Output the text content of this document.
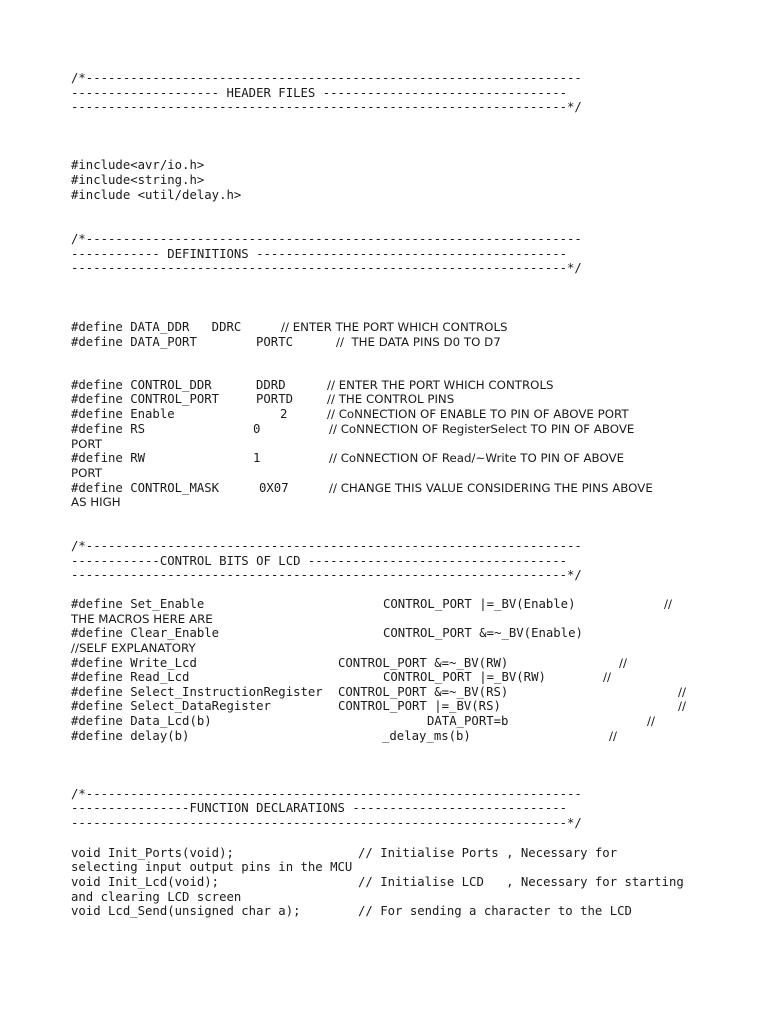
/*-------------------------------------------------------------------
-------------------- HEADER FILES ---------------------------------
-------------------------------------------------------------------*/
#include<avr/io.h>
#include<string.h>
#include <util/delay.h>
/*-------------------------------------------------------------------
------------ DEFINITIONS ------------------------------------------
-------------------------------------------------------------------*/
#define DATA_DDR   DDRC	// ENTER THE PORT WHICH CONTROLS
#define DATA_PORT	PORTC	//  THE DATA PINS D0 TO D7
#define CONTROL_DDR	DDRD	// ENTER THE PORT WHICH CONTROLS
#define CONTROL_PORT	PORTD	// THE CONTROL PINS
#define Enable	2	// CoNNECTION OF ENABLE TO PIN OF ABOVE PORT
#define RS	0	// CoNNECTION OF RegisterSelect TO PIN OF ABOVE
PORT
#define RW	1	// CoNNECTION OF Read/~Write TO PIN OF ABOVE
PORT
#define CONTROL_MASK	0X07	// CHANGE THIS VALUE CONSIDERING THE PINS ABOVE
AS HIGH
/*-------------------------------------------------------------------
------------CONTROL BITS OF LCD -----------------------------------
-------------------------------------------------------------------*/
#define Set_Enable	CONTROL_PORT |=_BV(Enable)	//
THE MACROS HERE ARE
#define Clear_Enable	CONTROL_PORT &=~_BV(Enable)
//SELF EXPLANATORY
#define Write_Lcd	CONTROL_PORT &=~_BV(RW)	//
#define Read_Lcd	CONTROL_PORT |=_BV(RW)	//
#define Select_InstructionRegister CONTROL_PORT &=~_BV(RS)	//
#define Select_DataRegister	CONTROL_PORT |=_BV(RS)	//
#define Data_Lcd(b)	DATA_PORT=b	//
#define delay(b)	_delay_ms(b)	//
/*-------------------------------------------------------------------
----------------FUNCTION DECLARATIONS -----------------------------
-------------------------------------------------------------------*/
void Init_Ports(void);	// Initialise Ports , Necessary for
selecting input output pins in the MCU
void Init_Lcd(void);	// Initialise LCD   , Necessary for starting
and clearing LCD screen
void Lcd_Send(unsigned char a);	// For sending a character to the LCD
